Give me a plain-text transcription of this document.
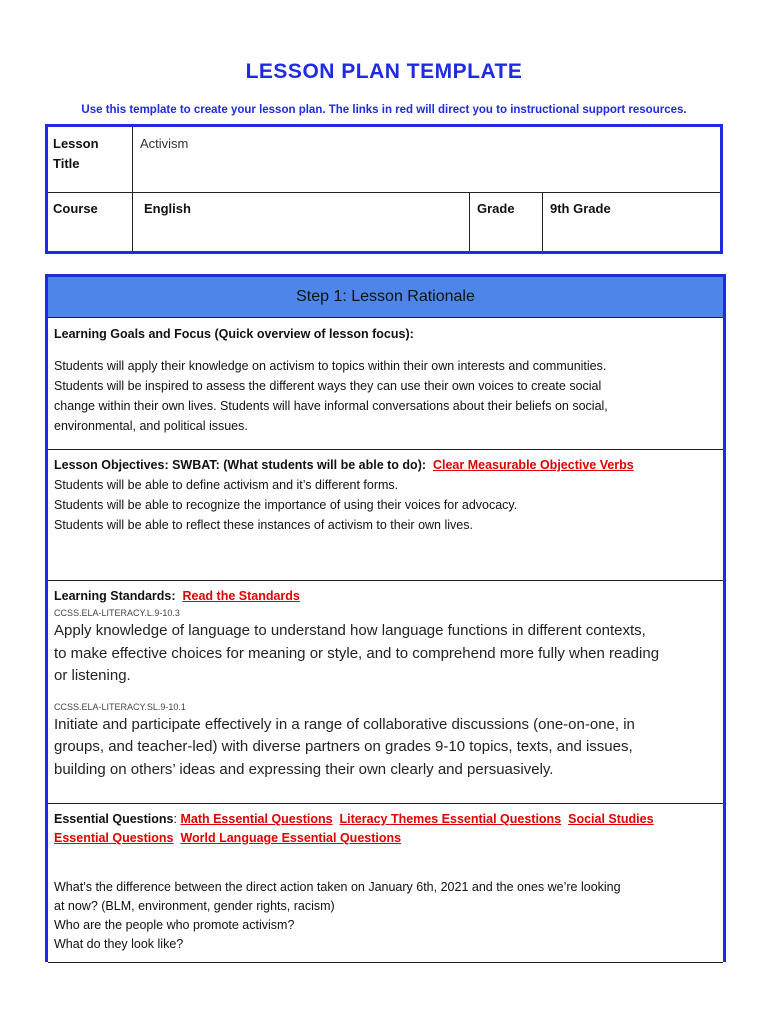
LESSON PLAN TEMPLATE
Use this template to create your lesson plan. The links in red will direct you to instructional support resources.
Lesson
Title
Activism
Course	English	Grade	9th Grade
Step 1: Lesson Rationale
Learning Goals and Focus (Quick overview of lesson focus):
Students will apply their knowledge on activism to topics within their own interests and communities.
Students will be inspired to assess the different ways they can use their own voices to create social
change within their own lives. Students will have informal conversations about their beliefs on social,
environmental, and political issues.
Lesson Objectives: SWBAT: (What students will be able to do): Clear Measurable Objective Verbs
Students will be able to define activism and it’s different forms.
Students will be able to recognize the importance of using their voices for advocacy.
Students will be able to reflect these instances of activism to their own lives.
Learning Standards: Read the Standards
CCSS.ELA-LITERACY.L.9-10.3
Apply knowledge of language to understand how language functions in different contexts,
to make effective choices for meaning or style, and to comprehend more fully when reading
or listening.
CCSS.ELA-LITERACY.SL.9-10.1
Initiate and participate effectively in a range of collaborative discussions (one-on-one, in
groups, and teacher-led) with diverse partners on grades 9-10 topics, texts, and issues,
building on others’ ideas and expressing their own clearly and persuasively.
Essential Questions: Math Essential Questions Literacy Themes Essential Questions Social Studies
Essential Questions World Language Essential Questions
What’s the difference between the direct action taken on January 6th, 2021 and the ones we’re looking
at now? (BLM, environment, gender rights, racism)
Who are the people who promote activism?
What do they look like?
